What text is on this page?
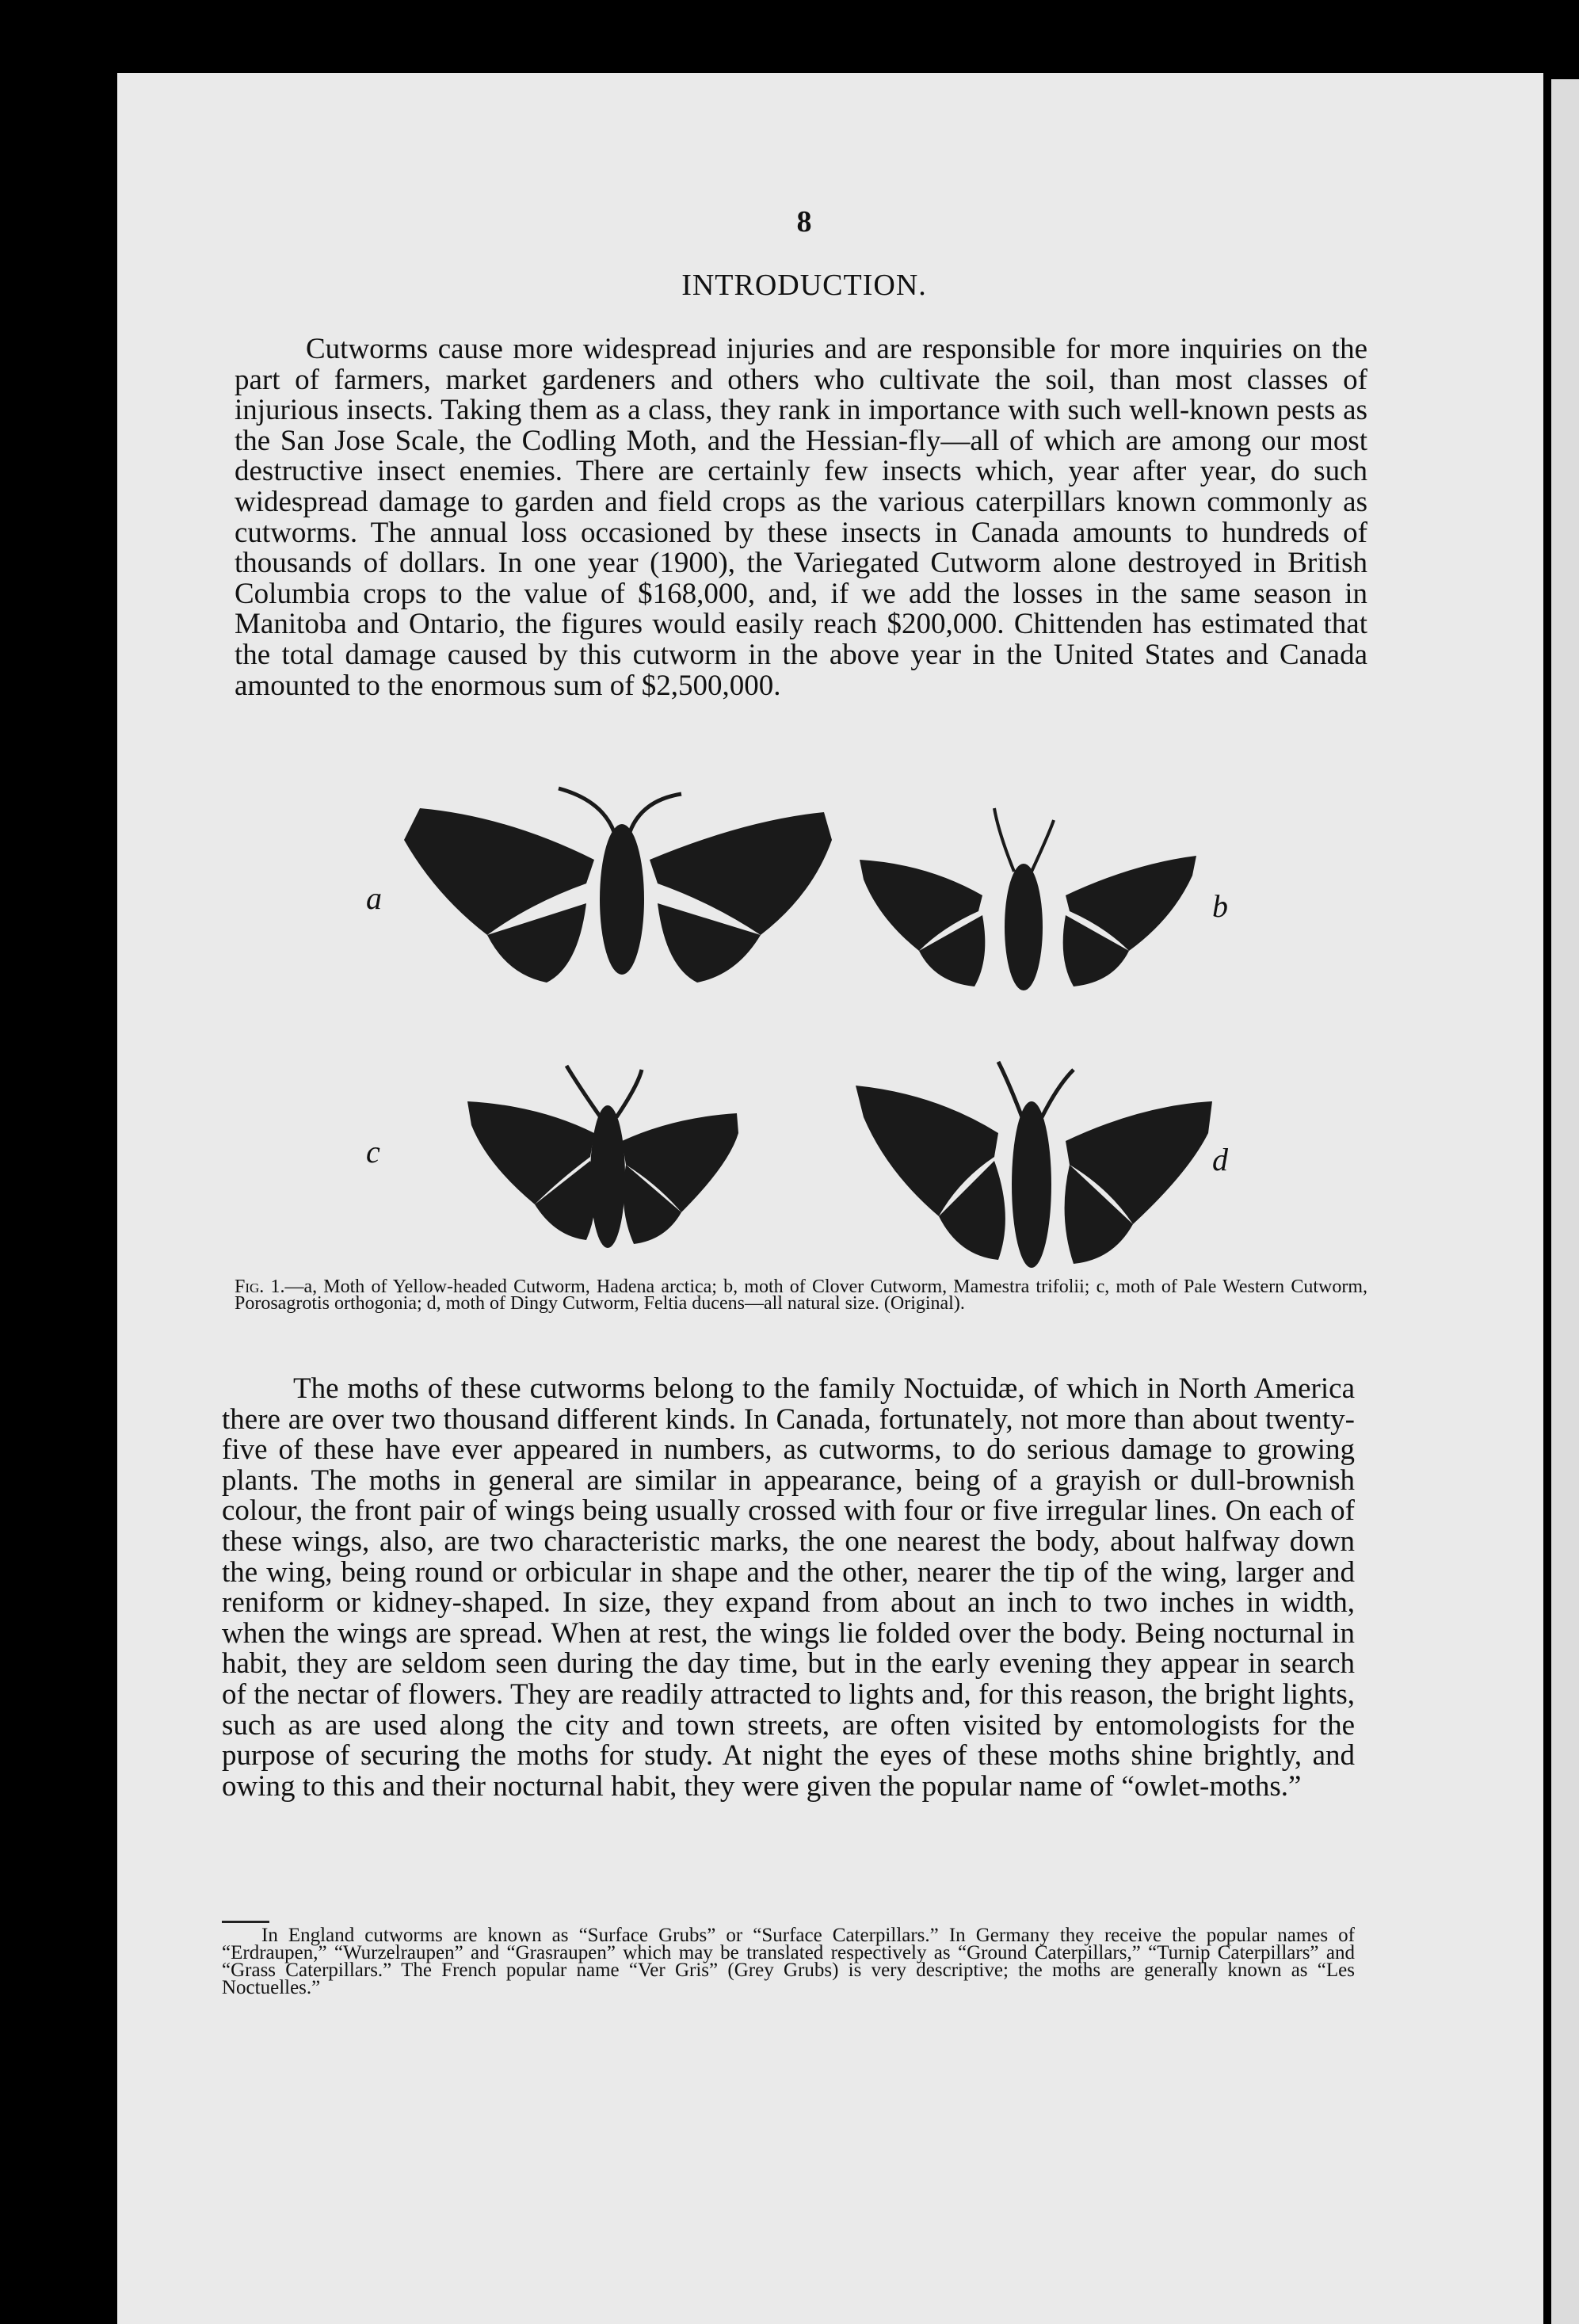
8
INTRODUCTION.

Cutworms cause more widespread injuries and are responsible for more inquiries on the part of farmers, market gardeners and others who cultivate the soil, than most classes of injurious insects. Taking them as a class, they rank in importance with such well-known pests as the San Jose Scale, the Codling Moth, and the Hessian-fly—all of which are among our most destructive insect enemies. There are certainly few insects which, year after year, do such widespread damage to garden and field crops as the various caterpillars known commonly as cutworms. The annual loss occasioned by these insects in Canada amounts to hundreds of thousands of dollars. In one year (1900), the Variegated Cutworm alone destroyed in British Columbia crops to the value of $168,000, and, if we add the losses in the same season in Manitoba and Ontario, the figures would easily reach $200,000. Chittenden has estimated that the total damage caused by this cutworm in the above year in the United States and Canada amounted to the enormous sum of $2,500,000.

a	b
c	d
Fig. 1.—a, Moth of Yellow-headed Cutworm, Hadena arctica; b, moth of Clover Cutworm, Mamestra trifolii; c, moth of Pale Western Cutworm, Porosagrotis orthogonia; d, moth of Dingy Cutworm, Feltia ducens—all natural size. (Original).

The moths of these cutworms belong to the family Noctuidæ, of which in North America there are over two thousand different kinds. In Canada, fortunately, not more than about twenty-five of these have ever appeared in numbers, as cutworms, to do serious damage to growing plants. The moths in general are similar in appearance, being of a grayish or dull-brownish colour, the front pair of wings being usually crossed with four or five irregular lines. On each of these wings, also, are two characteristic marks, the one nearest the body, about halfway down the wing, being round or orbicular in shape and the other, nearer the tip of the wing, larger and reniform or kidney-shaped. In size, they expand from about an inch to two inches in width, when the wings are spread. When at rest, the wings lie folded over the body. Being nocturnal in habit, they are seldom seen during the day time, but in the early evening they appear in search of the nectar of flowers. They are readily attracted to lights and, for this reason, the bright lights, such as are used along the city and town streets, are often visited by entomologists for the purpose of securing the moths for study. At night the eyes of these moths shine brightly, and owing to this and their nocturnal habit, they were given the popular name of “owlet-moths.”

In England cutworms are known as “Surface Grubs” or “Surface Caterpillars.” In Germany they receive the popular names of “Erdraupen,” “Wurzelraupen” and “Grasraupen” which may be translated respectively as “Ground Caterpillars,” “Turnip Caterpillars” and “Grass Caterpillars.” The French popular name “Ver Gris” (Grey Grubs) is very descriptive; the moths are generally known as “Les Noctuelles.”
